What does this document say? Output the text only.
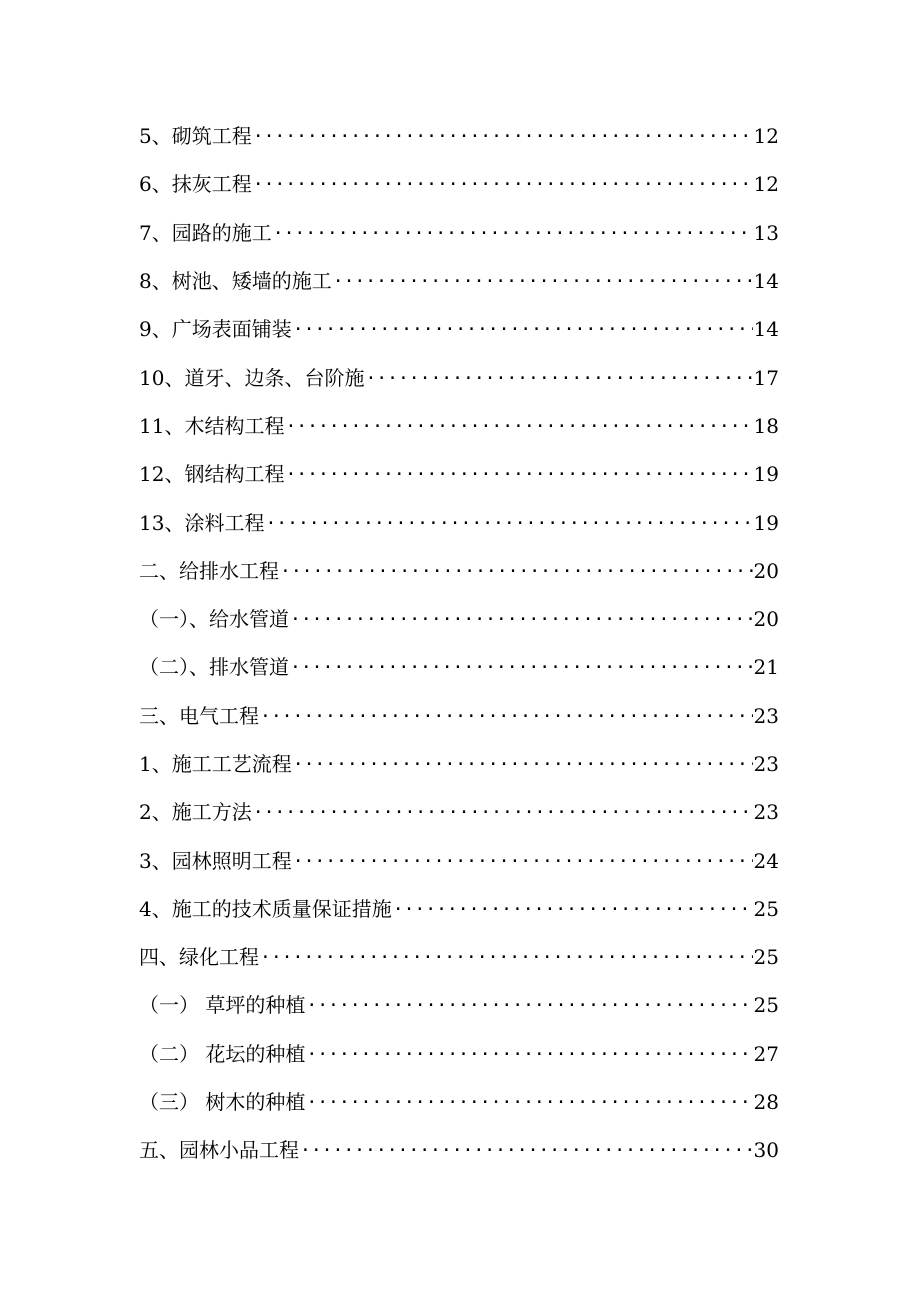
5、砌筑工程 ·····	12
6、抹灰工程 ·····	12
7、园路的施工 ·····	13
8、树池、矮墙的施工 ·····	14
9、广场表面铺装 ·····	14
10、道牙、边条、台阶施 ·····	17
11、木结构工程 ·····	18
12、钢结构工程 ·····	19
13、涂料工程 ·····	19
二、给排水工程 ·····	20
（一）、给水管道 ·····	20
（二）、排水管道 ·····	21
三、电气工程 ·····	23
1、施工工艺流程 ·····	23
2、施工方法 ·····	23
3、园林照明工程 ·····	24
4、施工的技术质量保证措施 ·····	25
四、绿化工程 ·····	25
（一） 草坪的种植 ·····	25
（二） 花坛的种植 ·····	27
（三） 树木的种植 ·····	28
五、园林小品工程 ·····	30
